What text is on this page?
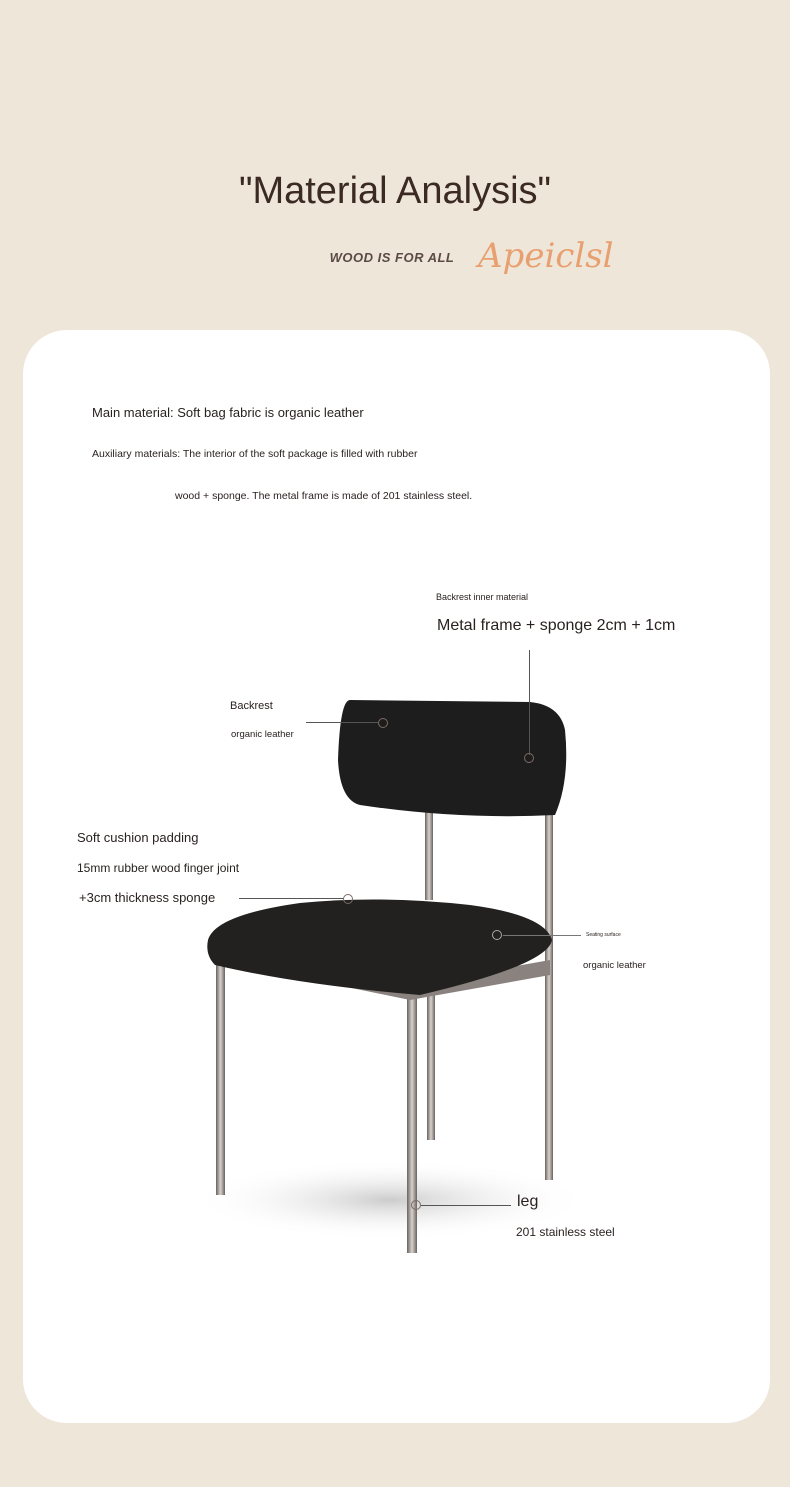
"Material Analysis"
WOOD IS FOR ALL Apeiclsl
Main material: Soft bag fabric is organic leather
Auxiliary materials: The interior of the soft package is filled with rubber
wood + sponge. The metal frame is made of 201 stainless steel.
Backrest inner material
Metal frame + sponge 2cm + 1cm
Backrest
organic leather
Soft cushion padding
15mm rubber wood finger joint
+3cm thickness sponge
Seating surface
organic leather
leg
201 stainless steel
